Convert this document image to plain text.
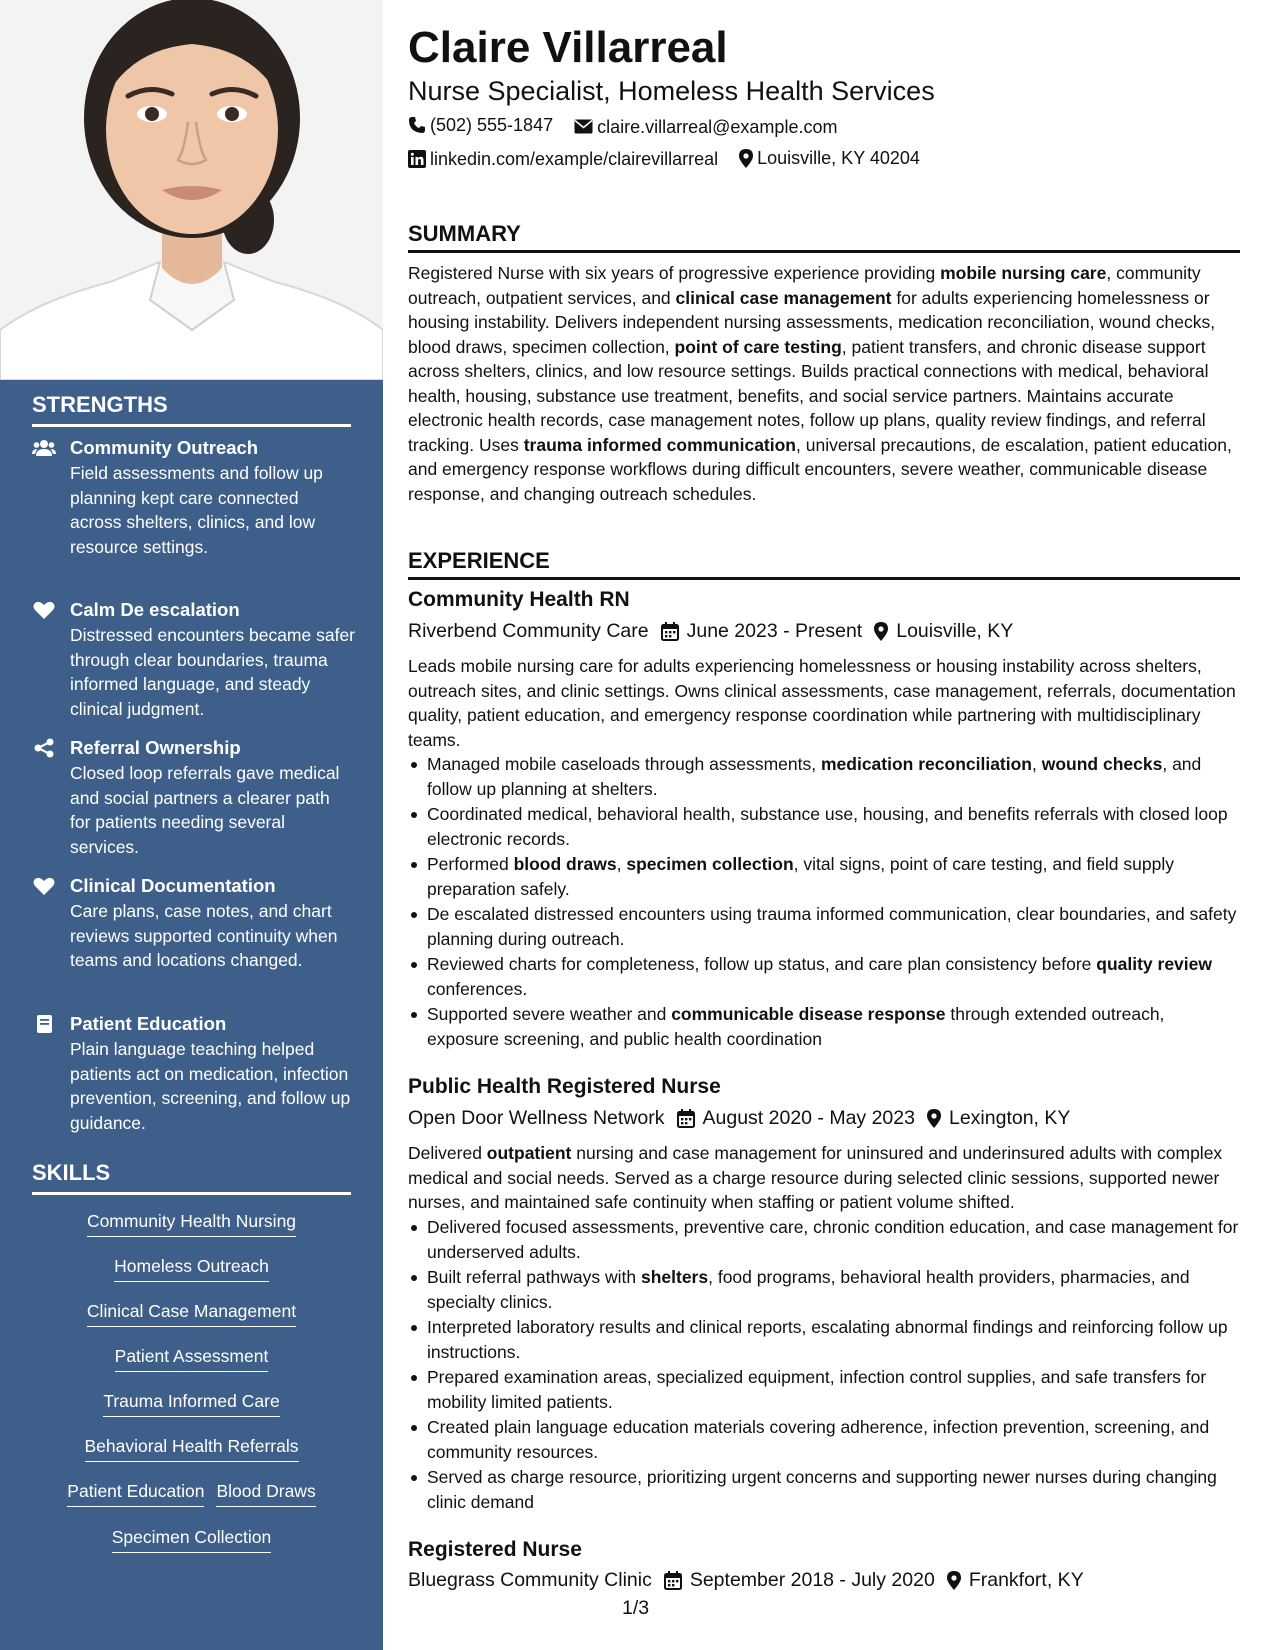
STRENGTHS
Community Outreach
Field assessments and follow up planning kept care connected across shelters, clinics, and low resource settings.
Calm De escalation
Distressed encounters became safer through clear boundaries, trauma informed language, and steady clinical judgment.
Referral Ownership
Closed loop referrals gave medical and social partners a clearer path for patients needing several services.
Clinical Documentation
Care plans, case notes, and chart reviews supported continuity when teams and locations changed.
Patient Education
Plain language teaching helped patients act on medication, infection prevention, screening, and follow up guidance.
SKILLS
Community Health Nursing
Homeless Outreach
Clinical Case Management
Patient Assessment
Trauma Informed Care
Behavioral Health Referrals
Patient Education Blood Draws
Specimen Collection
Claire Villarreal
Nurse Specialist, Homeless Health Services
(502) 555-1847
claire.villarreal@example.com
linkedin.com/example/clairevillarreal
Louisville, KY 40204
SUMMARY
Registered Nurse with six years of progressive experience providing mobile nursing care, community outreach, outpatient services, and clinical case management for adults experiencing homelessness or housing instability. Delivers independent nursing assessments, medication reconciliation, wound checks, blood draws, specimen collection, point of care testing, patient transfers, and chronic disease support across shelters, clinics, and low resource settings. Builds practical connections with medical, behavioral health, housing, substance use treatment, benefits, and social service partners. Maintains accurate electronic health records, case management notes, follow up plans, quality review findings, and referral tracking. Uses trauma informed communication, universal precautions, de escalation, patient education, and emergency response workflows during difficult encounters, severe weather, communicable disease response, and changing outreach schedules.
EXPERIENCE
Community Health RN
Riverbend Community Care June 2023 - Present Louisville, KY
Leads mobile nursing care for adults experiencing homelessness or housing instability across shelters, outreach sites, and clinic settings. Owns clinical assessments, case management, referrals, documentation quality, patient education, and emergency response coordination while partnering with multidisciplinary teams.
Managed mobile caseloads through assessments, medication reconciliation, wound checks, and follow up planning at shelters.
Coordinated medical, behavioral health, substance use, housing, and benefits referrals with closed loop electronic records.
Performed blood draws, specimen collection, vital signs, point of care testing, and field supply preparation safely.
De escalated distressed encounters using trauma informed communication, clear boundaries, and safety planning during outreach.
Reviewed charts for completeness, follow up status, and care plan consistency before quality review conferences.
Supported severe weather and communicable disease response through extended outreach, exposure screening, and public health coordination
Public Health Registered Nurse
Open Door Wellness Network August 2020 - May 2023 Lexington, KY
Delivered outpatient nursing and case management for uninsured and underinsured adults with complex medical and social needs. Served as a charge resource during selected clinic sessions, supported newer nurses, and maintained safe continuity when staffing or patient volume shifted.
Delivered focused assessments, preventive care, chronic condition education, and case management for underserved adults.
Built referral pathways with shelters, food programs, behavioral health providers, pharmacies, and specialty clinics.
Interpreted laboratory results and clinical reports, escalating abnormal findings and reinforcing follow up instructions.
Prepared examination areas, specialized equipment, infection control supplies, and safe transfers for mobility limited patients.
Created plain language education materials covering adherence, infection prevention, screening, and community resources.
Served as charge resource, prioritizing urgent concerns and supporting newer nurses during changing clinic demand
Registered Nurse
Bluegrass Community Clinic September 2018 - July 2020 Frankfort, KY
1/3
